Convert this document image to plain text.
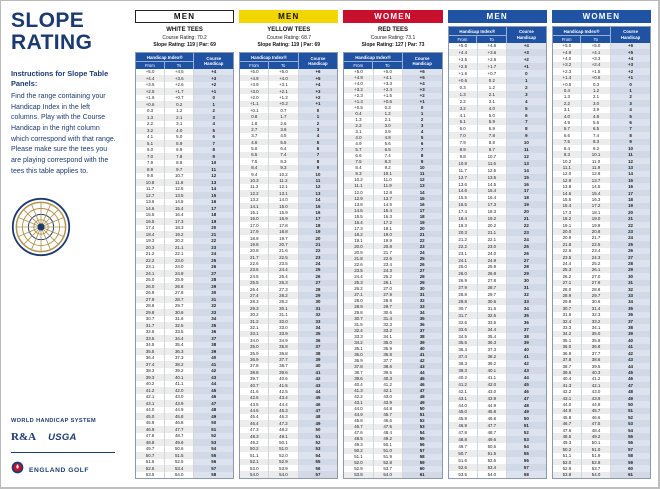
SLOPE RATING
Instructions for Slope Table Panels:
Find the range containing your Handicap Index in the left columns. Play with the Course Handicap in the right column which correspond with that range. Please make sure the tees you are playing correspond with the tees this table applies to.
WORLD HANDICAP SYSTEM
R&A USGA
ENGLAND GOLF
MEN
WHITE TEES
Course Rating: 70.2
Slope Rating: 119 | Par: 69
Handicap Index®
From	To
Course Handicap
+5.0	+4.5	+4
+4.4	+3.6	+3
+3.5	+2.6	+2
+2.5	+1.7	+1
+1.6	+0.7	0
+0.6	0.2	1
0.3	1.2	2
1.3	2.1	3
2.2	3.1	4
3.2	4.0	5
4.1	5.0	6
5.1	5.9	7
6.0	6.9	8
7.0	7.8	9
7.9	8.8	10
8.9	9.7	11
9.8	10.7	12
10.8	11.6	13
11.7	12.6	14
12.7	13.5	15
13.6	14.5	16
14.6	15.4	17
15.5	16.4	18
16.5	17.3	19
17.4	18.3	20
18.4	19.2	21
19.3	20.2	22
20.3	21.1	23
21.2	22.1	24
22.2	23.0	25
23.1	24.0	26
24.1	24.9	27
25.0	25.9	28
26.0	26.8	29
26.9	27.8	30
27.9	28.7	31
28.8	29.7	32
29.8	30.6	33
30.7	31.6	34
31.7	32.5	35
32.6	33.5	36
33.6	34.4	37
34.5	35.4	38
35.5	36.3	39
36.4	37.3	40
37.4	38.2	41
38.3	39.2	42
39.3	40.1	43
40.2	41.1	44
41.2	42.0	45
42.1	43.0	46
43.1	43.9	47
44.0	44.9	48
45.0	45.8	49
45.9	46.8	50
46.9	47.7	51
47.8	48.7	52
48.8	49.6	53
49.7	50.6	54
50.7	51.5	55
51.6	52.5	56
52.6	53.4	57
53.5	54.0	58
MEN
YELLOW TEES
Course Rating: 68.7
Slope Rating: 119 | Par: 69
Handicap Index®
From	To
Course Handicap
+5.0	+5.0	+6
+4.9	+4.0	+5
+3.9	+3.1	+4
+3.0	+2.1	+3
+2.0	+1.2	+2
+1.1	+0.2	+1
+0.1	0.7	0
0.8	1.7	1
1.8	2.6	2
2.7	3.6	3
3.7	4.5	4
4.6	5.5	5
5.6	6.4	6
6.5	7.4	7
7.5	8.3	8
8.4	9.3	9
9.4	10.2	10
10.3	11.2	11
11.3	12.1	12
12.2	13.1	13
13.2	14.0	14
14.1	15.0	15
15.1	15.9	16
16.0	16.9	17
17.0	17.8	18
17.9	18.8	19
18.9	19.7	20
19.8	20.7	21
20.8	21.6	22
21.7	22.5	23
22.6	23.5	24
23.6	24.4	25
24.5	25.4	26
25.5	26.3	27
26.4	27.3	28
27.4	28.2	29
28.3	29.2	30
29.3	30.1	31
30.2	31.1	32
31.2	32.0	33
32.1	33.0	34
33.1	33.9	35
34.0	34.9	36
35.0	35.8	37
35.9	36.8	38
36.9	37.7	39
37.8	38.7	40
38.8	39.6	41
39.7	40.6	42
40.7	41.5	43
41.6	42.5	44
42.6	43.4	45
43.5	44.4	46
44.5	45.3	47
45.4	46.3	48
46.4	47.2	49
47.3	48.2	50
48.3	49.1	51
49.2	50.1	52
50.2	51.0	53
51.1	52.0	54
52.1	52.9	55
53.0	53.9	56
54.0	54.0	57
WOMEN
RED TEES
Course Rating: 73.1
Slope Rating: 127 | Par: 73
Handicap Index®
From	To
Course Handicap
+5.0	+5.0	+6
+4.9	+4.1	+5
+4.0	+3.3	+4
+3.2	+2.4	+3
+2.3	+1.5	+2
+1.4	+0.6	+1
+0.5	0.3	0
0.4	1.2	1
1.3	2.1	2
2.2	3.0	3
3.1	3.9	4
4.0	4.8	5
4.9	5.6	6
5.7	6.5	7
6.6	7.4	8
7.5	8.3	9
8.4	9.2	10
9.3	10.1	11
10.2	11.0	12
11.1	11.9	13
12.0	12.8	14
12.9	13.7	15
13.8	14.5	16
14.6	15.4	17
15.5	16.3	18
16.4	17.2	19
17.3	18.1	20
18.2	19.0	21
19.1	19.9	22
20.0	20.8	23
20.9	21.7	24
21.8	22.5	25
22.6	23.4	26
23.5	24.3	27
24.4	25.2	28
25.3	26.1	29
26.2	27.0	30
27.1	27.9	31
28.0	28.8	32
28.9	29.7	33
29.8	30.6	34
30.7	31.4	35
31.5	32.3	36
32.4	33.2	37
33.3	34.1	38
34.2	35.0	39
35.1	35.9	40
36.0	36.8	41
36.9	37.7	42
37.8	38.6	43
38.7	39.5	44
39.6	40.3	45
40.4	41.2	46
41.3	42.1	47
42.2	43.0	48
43.1	43.9	49
44.0	44.8	50
44.9	45.7	51
45.8	46.6	52
46.7	47.5	53
47.6	48.4	54
48.5	49.2	55
49.3	50.1	56
50.2	51.0	57
51.1	51.9	58
52.0	52.8	59
52.9	53.7	60
53.8	54.0	61
MEN
Handicap Index®
From	To
Course Handicap
+5.0	+4.5	+4
+4.4	+3.6	+3
+3.5	+2.6	+2
+2.5	+1.7	+1
+1.6	+0.7	0
+0.6	0.2	1
0.3	1.2	2
1.3	2.1	3
2.2	3.1	4
3.2	4.0	5
4.1	5.0	6
5.1	5.9	7
6.0	6.9	8
7.0	7.8	9
7.9	8.8	10
8.9	9.7	11
9.8	10.7	12
10.8	11.6	13
11.7	12.6	14
12.7	13.5	15
13.6	14.5	16
14.6	15.4	17
15.5	16.4	18
16.5	17.3	19
17.4	18.3	20
18.4	19.2	21
19.3	20.2	22
20.3	21.1	23
21.2	22.1	24
22.2	23.0	25
23.1	24.0	26
24.1	24.9	27
25.0	25.9	28
26.0	26.8	29
26.9	27.8	30
27.9	28.7	31
28.8	29.7	32
29.8	30.6	33
30.7	31.6	34
31.7	32.5	35
32.6	33.5	36
33.6	34.4	37
34.5	35.4	38
35.5	36.3	39
36.4	37.3	40
37.4	38.2	41
38.3	39.2	42
39.3	40.1	43
40.2	41.1	44
41.2	42.0	45
42.1	43.0	46
43.1	43.9	47
44.0	44.9	48
45.0	45.8	49
45.9	46.8	50
46.9	47.7	51
47.8	48.7	52
48.8	49.6	53
49.7	50.6	54
50.7	51.5	55
51.6	52.5	56
52.6	53.4	57
53.5	54.0	58
WOMEN
Handicap Index®
From	To
Course Handicap
+5.0	+5.0	+6
+4.9	+4.1	+5
+4.0	+3.3	+4
+3.2	+2.4	+3
+2.3	+1.5	+2
+1.4	+0.6	+1
+0.5	0.3	0
0.4	1.2	1
1.3	2.1	2
2.2	3.0	3
3.1	3.9	4
4.0	4.8	5
4.9	5.6	6
5.7	6.5	7
6.6	7.4	8
7.5	8.3	9
8.4	9.2	10
9.3	10.1	11
10.2	11.0	12
11.1	11.9	13
12.0	12.8	14
12.9	13.7	15
13.8	14.5	16
14.6	15.4	17
15.5	16.3	18
16.4	17.2	19
17.3	18.1	20
18.2	19.0	21
19.1	19.9	22
20.0	20.8	23
20.9	21.7	24
21.8	22.5	25
22.6	23.4	26
23.5	24.3	27
24.4	25.2	28
25.3	26.1	29
26.2	27.0	30
27.1	27.9	31
28.0	28.8	32
28.9	29.7	33
29.8	30.6	34
30.7	31.4	35
31.5	32.3	36
32.4	33.2	37
33.3	34.1	38
34.2	35.0	39
35.1	35.9	40
36.0	36.8	41
36.9	37.7	42
37.8	38.6	43
38.7	39.5	44
39.6	40.3	45
40.4	41.2	46
41.3	42.1	47
42.2	43.0	48
43.1	43.9	49
44.0	44.8	50
44.9	45.7	51
45.8	46.6	52
46.7	47.5	53
47.6	48.4	54
48.5	49.2	55
49.3	50.1	56
50.2	51.0	57
51.1	51.9	58
52.0	52.8	59
52.9	53.7	60
53.8	54.0	61
